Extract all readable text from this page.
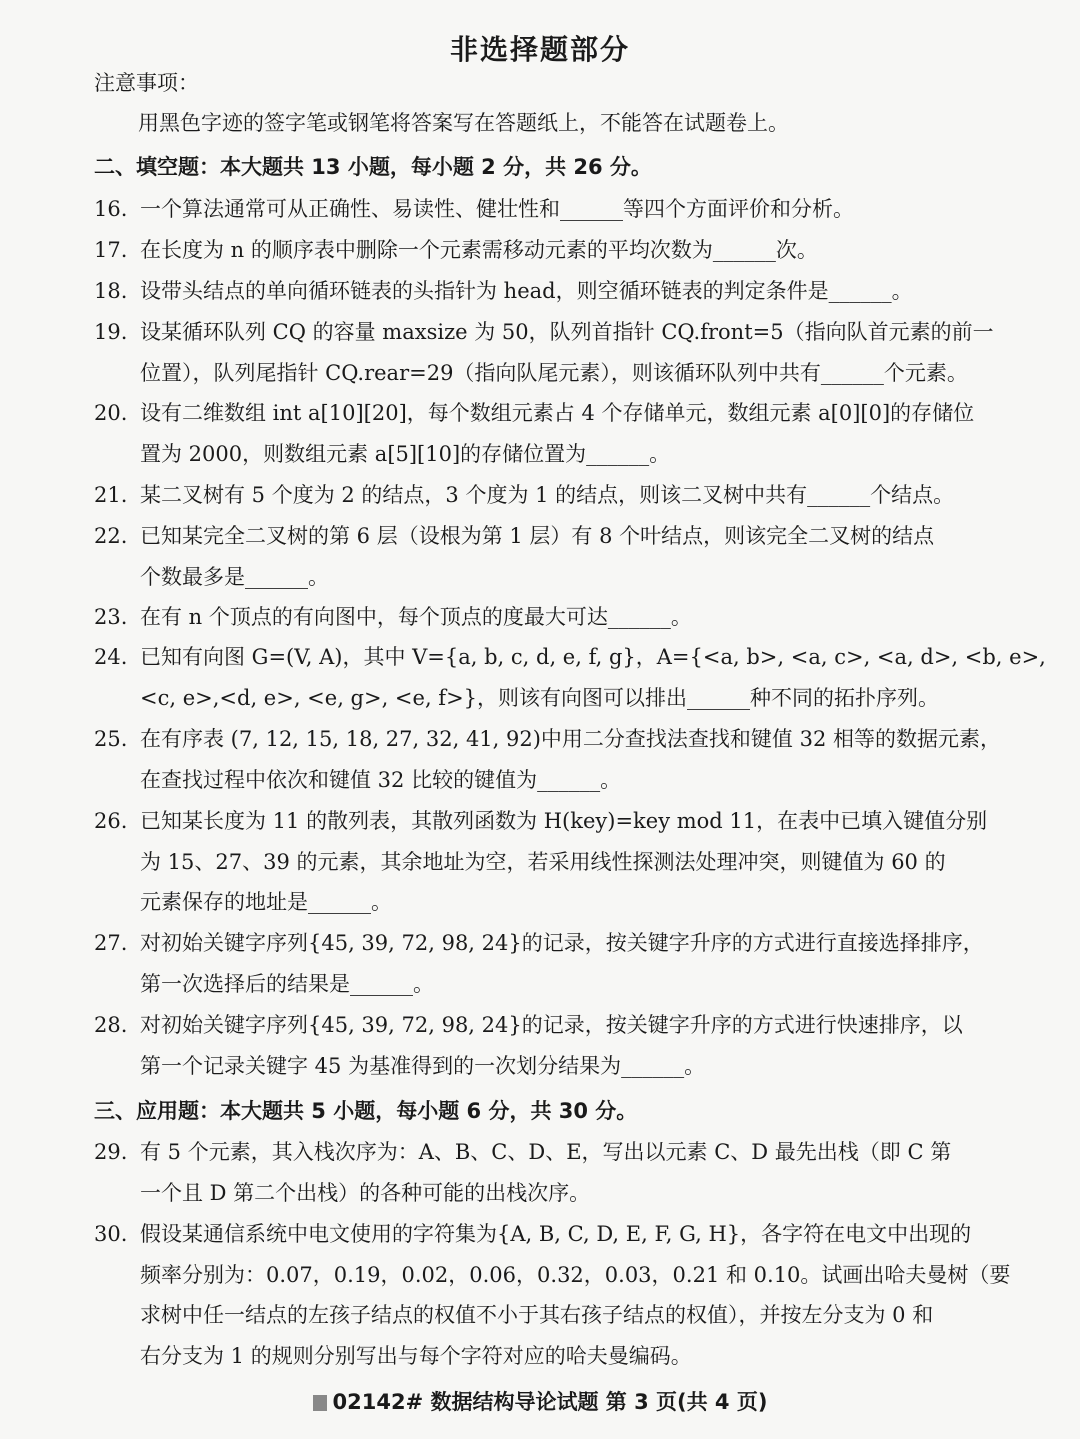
非选择题部分
注意事项：
用黑色字迹的签字笔或钢笔将答案写在答题纸上，不能答在试题卷上。
二、填空题：本大题共 13 小题，每小题 2 分，共 26 分。
16. 一个算法通常可从正确性、易读性、健壮性和______等四个方面评价和分析。
17. 在长度为 n 的顺序表中删除一个元素需移动元素的平均次数为______次。
18. 设带头结点的单向循环链表的头指针为 head，则空循环链表的判定条件是______。
19. 设某循环队列 CQ 的容量 maxsize 为 50，队列首指针 CQ.front=5（指向队首元素的前一
位置），队列尾指针 CQ.rear=29（指向队尾元素），则该循环队列中共有______个元素。
20. 设有二维数组 int a[10][20]，每个数组元素占 4 个存储单元，数组元素 a[0][0]的存储位
置为 2000，则数组元素 a[5][10]的存储位置为______。
21. 某二叉树有 5 个度为 2 的结点，3 个度为 1 的结点，则该二叉树中共有______个结点。
22. 已知某完全二叉树的第 6 层（设根为第 1 层）有 8 个叶结点，则该完全二叉树的结点
个数最多是______。
23. 在有 n 个顶点的有向图中，每个顶点的度最大可达______。
24. 已知有向图 G=(V, A)，其中 V={a, b, c, d, e, f, g}，A={<a, b>, <a, c>, <a, d>, <b, e>,
<c, e>,<d, e>, <e, g>, <e, f>}，则该有向图可以排出______种不同的拓扑序列。
25. 在有序表 (7, 12, 15, 18, 27, 32, 41, 92)中用二分查找法查找和键值 32 相等的数据元素，
在查找过程中依次和键值 32 比较的键值为______。
26. 已知某长度为 11 的散列表，其散列函数为 H(key)=key mod 11，在表中已填入键值分别
为 15、27、39 的元素，其余地址为空，若采用线性探测法处理冲突，则键值为 60 的
元素保存的地址是______。
27. 对初始关键字序列{45, 39, 72, 98, 24}的记录，按关键字升序的方式进行直接选择排序，
第一次选择后的结果是______。
28. 对初始关键字序列{45, 39, 72, 98, 24}的记录，按关键字升序的方式进行快速排序，以
第一个记录关键字 45 为基准得到的一次划分结果为______。
三、应用题：本大题共 5 小题，每小题 6 分，共 30 分。
29. 有 5 个元素，其入栈次序为：A、B、C、D、E，写出以元素 C、D 最先出栈（即 C 第
一个且 D 第二个出栈）的各种可能的出栈次序。
30. 假设某通信系统中电文使用的字符集为{A, B, C, D, E, F, G, H}，各字符在电文中出现的
频率分别为：0.07，0.19，0.02，0.06，0.32，0.03，0.21 和 0.10。试画出哈夫曼树（要
求树中任一结点的左孩子结点的权值不小于其右孩子结点的权值），并按左分支为 0 和
右分支为 1 的规则分别写出与每个字符对应的哈夫曼编码。
02142# 数据结构导论试题 第 3 页(共 4 页)
